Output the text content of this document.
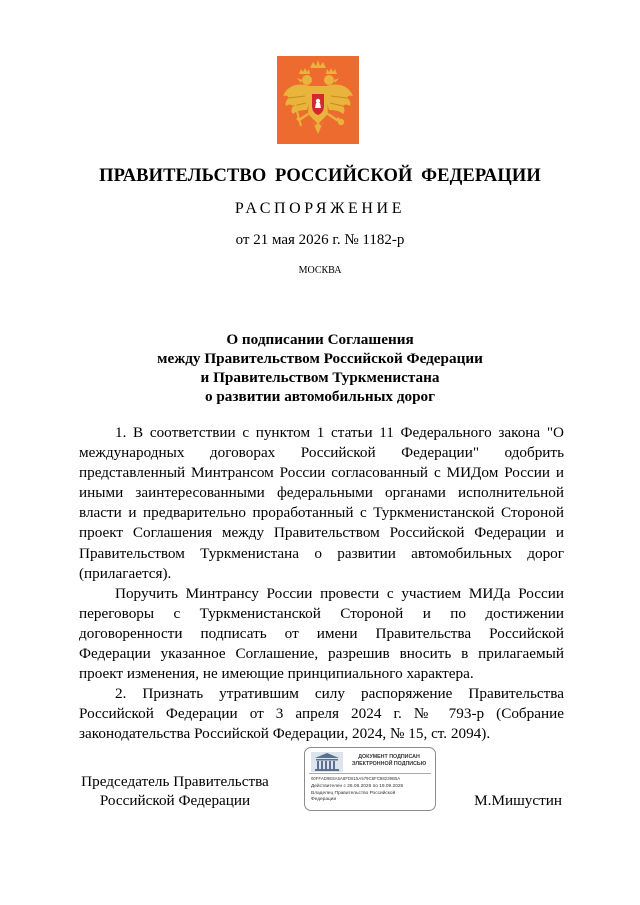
ПРАВИТЕЛЬСТВО РОССИЙСКОЙ ФЕДЕРАЦИИ
РАСПОРЯЖЕНИЕ
от 21 мая 2026 г. № 1182-р
МОСКВА
О подписании Соглашения
между Правительством Российской Федерации
и Правительством Туркменистана
о развитии автомобильных дорог

1. В соответствии с пунктом 1 статьи 11 Федерального закона "О международных договорах Российской Федерации" одобрить представленный Минтрансом России согласованный с МИДом России и иными заинтересованными федеральными органами исполнительной власти и предварительно проработанный с Туркменистанской Стороной проект Соглашения между Правительством Российской Федерации и Правительством Туркменистана о развитии автомобильных дорог (прилагается).

Поручить Минтрансу России провести с участием МИДа России переговоры с Туркменистанской Стороной и по достижении договоренности подписать от имени Правительства Российской Федерации указанное Соглашение, разрешив вносить в прилагаемый проект изменения, не имеющие принципиального характера.

2. Признать утратившим силу распоряжение Правительства Российской Федерации от 3 апреля 2024 г. № 793-р (Собрание законодательства Российской Федерации, 2024, № 15, ст. 2094).

Председатель Правительства
Российской Федерации
ДОКУМЕНТ ПОДПИСАН
ЭЛЕКТРОННОЙ ПОДПИСЬЮ
00FFAD9E8A5A8FD815A579C5FC98239B5A
Действителен с 26.06.2026 по 19.09.2026
Владелец Правительство Российской
Федерации	М.Мишустин
